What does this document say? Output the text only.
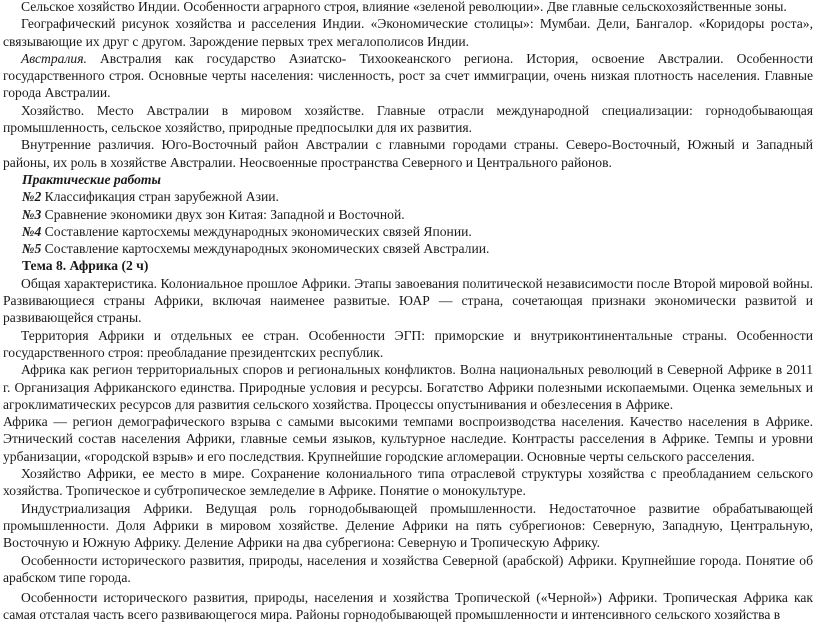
Сельское хозяйство Индии. Особенности аграрного строя, влияние «зеленой революции». Две главные сельскохозяйственные зоны.

Географический рисунок хозяйства и расселения Индии. «Экономические столицы»: Мумбаи. Дели, Бангалор. «Коридоры роста», связывающие их друг с другом. Зарождение первых трех мегалополисов Индии.

Австралия. Австралия как государство Азиатско- Тихоокеанского региона. История, освоение Австралии. Особенности государственного строя. Основные черты населения: численность, рост за счет иммиграции, очень низкая плотность населения. Главные города Австралии.

Хозяйство. Место Австралии в мировом хозяйстве. Главные отрасли международной специализации: горнодобывающая промышленность, сельское хозяйство, природные предпосылки для их развития.

Внутренние различия. Юго-Восточный район Австралии с главными городами страны. Северо-Восточный, Южный и Западный районы, их роль в хозяйстве Австралии. Неосвоенные пространства Северного и Центрального районов.

Практические работы

№2 Классификация стран зарубежной Азии.

№3 Сравнение экономики двух зон Китая: Западной и Восточной.

№4 Составление картосхемы международных экономических связей Японии.

№5 Составление картосхемы международных экономических связей Австралии.

Тема 8. Африка (2 ч)

Общая характеристика. Колониальное прошлое Африки. Этапы завоевания политической независимости после Второй мировой войны. Развивающиеся страны Африки, включая наименее развитые. ЮАР — страна, сочетающая признаки экономически развитой и развивающейся страны.

Территория Африки и отдельных ее стран. Особенности ЭГП: приморские и внутриконтинентальные страны. Особенности государственного строя: преобладание президентских республик.

Африка как регион территориальных споров и региональных конфликтов. Волна национальных революций в Северной Африке в 2011 г. Организация Африканского единства. Природные условия и ресурсы. Богатство Африки полезными ископаемыми. Оценка земельных и агроклиматических ресурсов для развития сельского хозяйства. Процессы опустынивания и обезлесения в Африке.

Африка — регион демографического взрыва с самыми высокими темпами воспроизводства населения. Качество населения в Африке. Этнический состав населения Африки, главные семьи языков, культурное наследие. Контрасты расселения в Африке. Темпы и уровни урбанизации, «городской взрыв» и его последствия. Крупнейшие городские агломерации. Основные черты сельского расселения.

Хозяйство Африки, ее место в мирe. Сохранение колониального типа отраслевой структуры хозяйства с преобладанием сельского хозяйства. Тропическое и субтропическое земледелие в Африке. Понятие о монокультуре.

Индустриализация Африки. Ведущая роль горнодобывающей промышленности. Недостаточное развитие обрабатывающей промышленности. Доля Африки в мировом хозяйстве. Деление Африки на пять субрегионов: Северную, Западную, Центральную, Восточную и Южную Африку. Деление Африки на два субрегиона: Северную и Тропическую Африку.

Особенности исторического развития, природы, населения и хозяйства Северной (арабской) Африки. Крупнейшие города. Понятие об арабском типе города.

Особенности исторического развития, природы, населения и хозяйства Тропической («Черной») Африки. Тропическая Африка как самая отсталая часть всего развивающегося мира. Районы горнодобывающей промышленности и интенсивного сельского хозяйства в
